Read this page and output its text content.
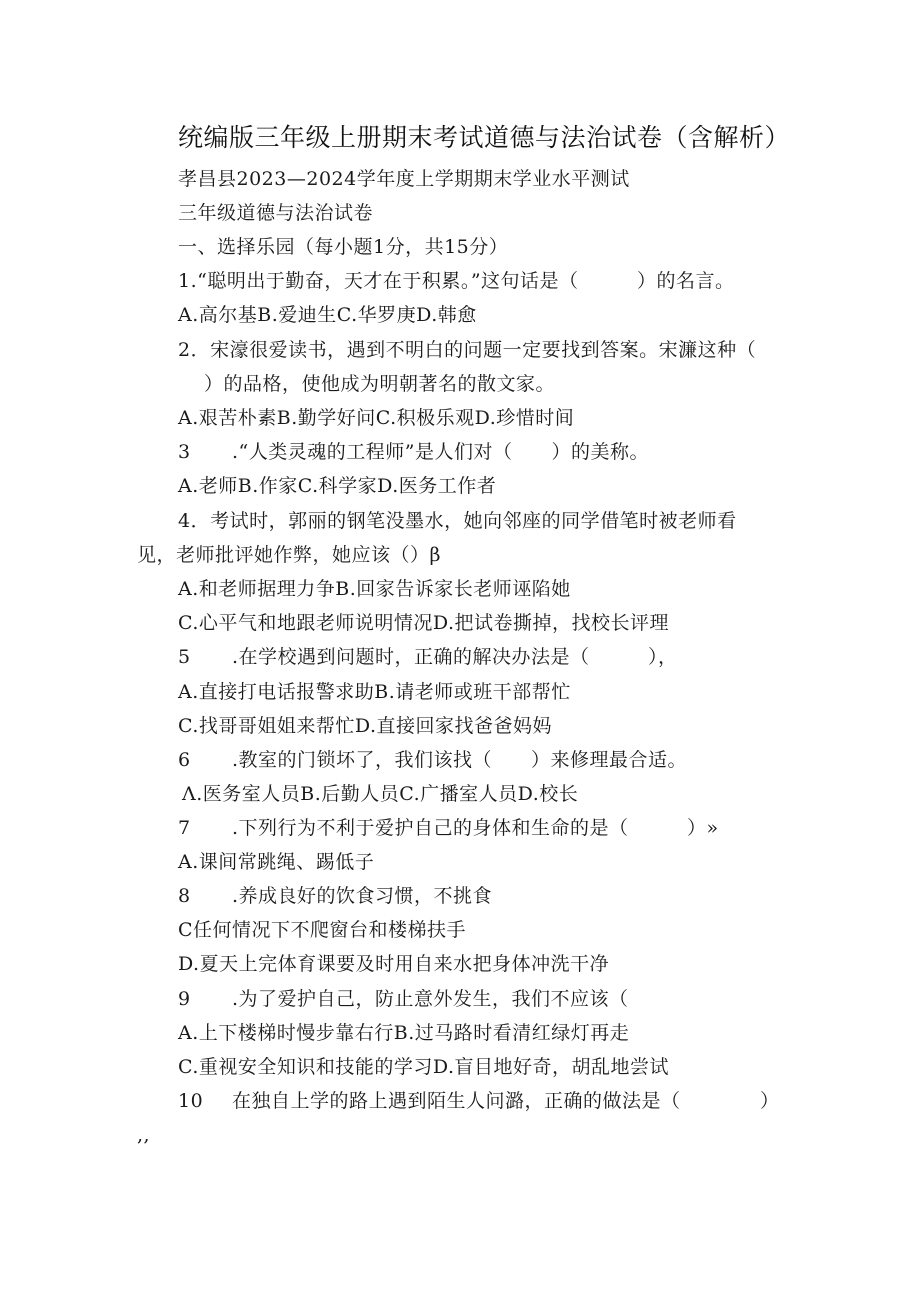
统编版三年级上册期末考试道德与法治试卷（含解析）
孝昌县2023—2024学年度上学期期末学业水平测试
三年级道德与法治试卷
一、选择乐园（每小题1分，共15分）
1.“聪明出于勤奋，天才在于积累。”这句话是（　　　）的名言。
A.高尔基B.爱迪生C.华罗庚D.韩愈
2．宋濠很爱读书，遇到不明白的问题一定要找到答案。宋濂这种（
）的品格，使他成为明朝著名的散文家。
A.艰苦朴素B.勤学好问C.积极乐观D.珍惜时间
3 .“人类灵魂的工程师”是人们对（　　）的美称。
A.老师B.作家C.科学家D.医务工作者
4．考试时，郭丽的钢笔没墨水，她向邻座的同学借笔时被老师看
见，老师批评她作弊，她应该（）β
A.和老师据理力争B.回家告诉家长老师诬陷她
C.心平气和地跟老师说明情况D.把试卷撕掉，找校长评理
5 .在学校遇到问题时，正确的解决办法是（　　　），
A.直接打电话报警求助B.请老师或班干部帮忙
C.找哥哥姐姐来帮忙D.直接回家找爸爸妈妈
6 .教室的门锁坏了，我们该找（　　）来修理最合适。
Λ.医务室人员B.后勤人员C.广播室人员D.校长
7 .下列行为不利于爱护自己的身体和生命的是（　　　）»
A.课间常跳绳、踢低子
8 .养成良好的饮食习惯，不挑食
C任何情况下不爬窗台和楼梯扶手
D.夏天上完体育课要及时用自来水把身体冲洗干净
9 .为了爱护自己，防止意外发生，我们不应该（
A.上下楼梯时慢步靠右行B.过马路时看清红绿灯再走
C.重视安全知识和技能的学习D.盲目地好奇，胡乱地尝试
10 在独自上学的路上遇到陌生人问潞，正确的做法是（	）
,,
